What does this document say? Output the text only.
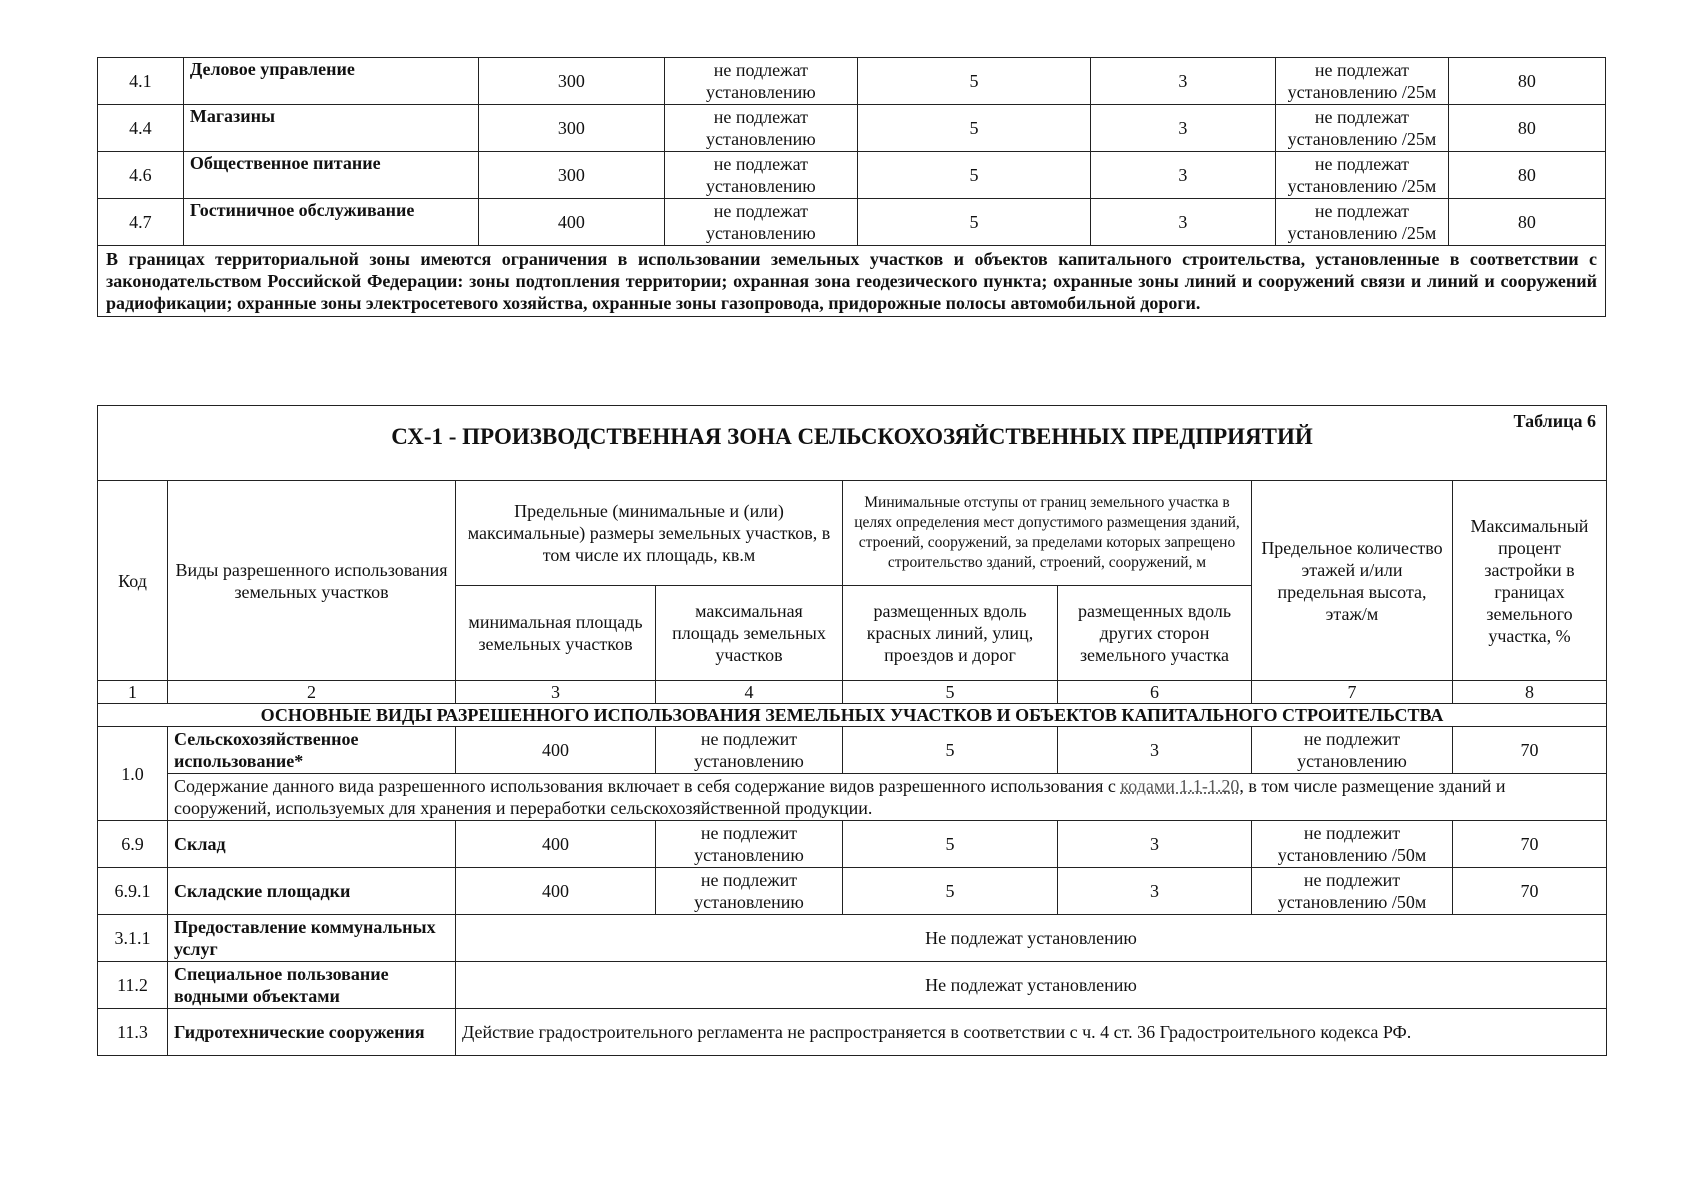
4.1	Деловое управление	300	не подлежат установлению	5	3	не подлежат установлению /25м	80
4.4	Магазины	300	не подлежат установлению	5	3	не подлежат установлению /25м	80
4.6	Общественное питание	300	не подлежат установлению	5	3	не подлежат установлению /25м	80
4.7	Гостиничное обслуживание	400	не подлежат установлению	5	3	не подлежат установлению /25м	80
В границах территориальной зоны имеются ограничения в использовании земельных участков и объектов капитального строительства, установленные в соответствии с законодательством Российской Федерации: зоны подтопления территории; охранная зона геодезического пункта; охранные зоны линий и сооружений связи и линий и сооружений радиофикации; охранные зоны электросетевого хозяйства, охранные зоны газопровода, придорожные полосы автомобильной дороги.							
Таблица 6
СХ-1 - ПРОИЗВОДСТВЕННАЯ ЗОНА СЕЛЬСКОХОЗЯЙСТВЕННЫХ ПРЕДПРИЯТИЙ							

Код	Виды разрешенного использования земельных участков	Предельные (минимальные и (или) максимальные) размеры земельных участков, в том числе их площадь, кв.м		Минимальные отступы от границ земельного участка в целях определения мест допустимого размещения зданий, строений, сооружений, за пределами которых запрещено строительство зданий, строений, сооружений, м		Предельное количество этажей и/или предельная высота, этаж/м	Максимальный процент застройки в границах земельного участка, %
		минимальная площадь земельных участков	максимальная площадь земельных участков	размещенных вдоль красных линий, улиц, проездов и дорог	размещенных вдоль других сторон земельного участка		
1	2	3	4	5	6	7	8
ОСНОВНЫЕ ВИДЫ РАЗРЕШЕННОГО ИСПОЛЬЗОВАНИЯ ЗЕМЕЛЬНЫХ УЧАСТКОВ И ОБЪЕКТОВ КАПИТАЛЬНОГО СТРОИТЕЛЬСТВА							
1.0	Сельскохозяйственное использование*	400	не подлежит установлению	5	3	не подлежит установлению	70
	Содержание данного вида разрешенного использования включает в себя содержание видов разрешенного использования с кодами 1.1-1.20, в том числе размещение зданий и сооружений, используемых для хранения и переработки сельскохозяйственной продукции.						
6.9	Склад	400	не подлежит установлению	5	3	не подлежит установлению /50м	70
6.9.1	Складские площадки	400	не подлежит установлению	5	3	не подлежит установлению /50м	70
3.1.1	Предоставление коммунальных услуг	Не подлежат установлению					
11.2	Специальное пользование водными объектами	Не подлежат установлению					
11.3	Гидротехнические сооружения	Действие градостроительного регламента не распространяется в соответствии с ч. 4 ст. 36 Градостроительного кодекса РФ.					
